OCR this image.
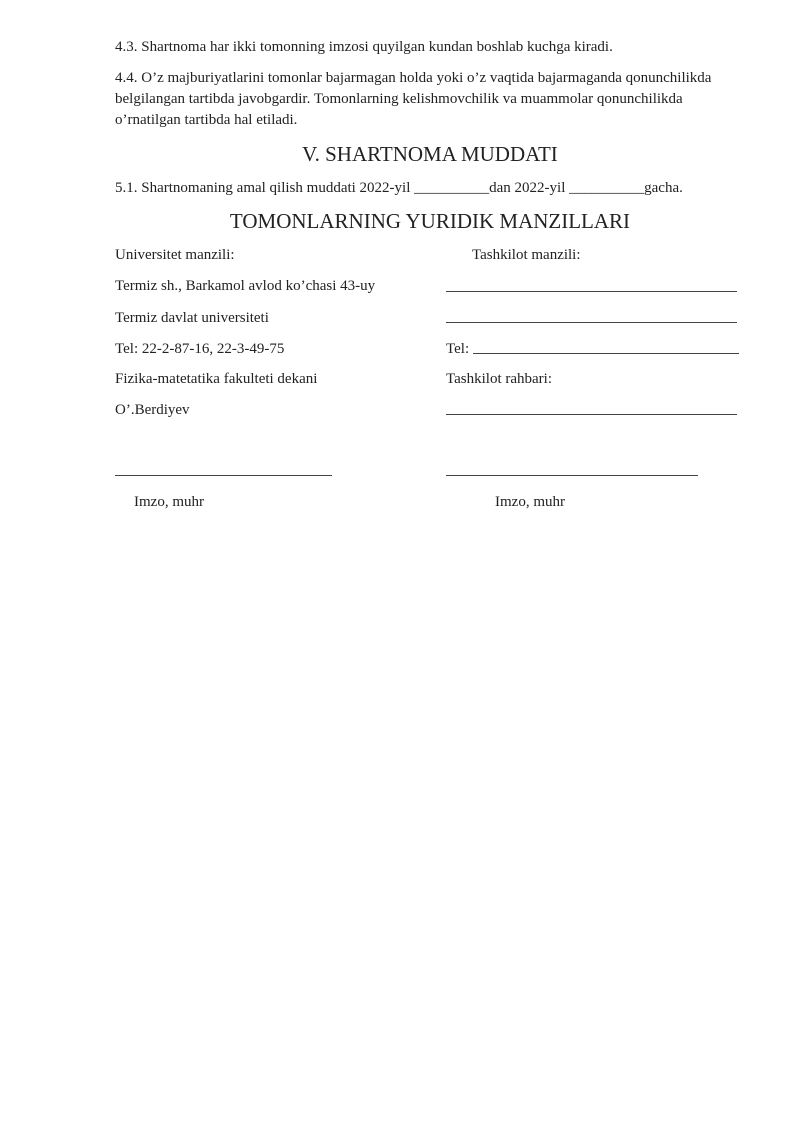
4.3. Shartnoma har ikki tomonning imzosi quyilgan kundan boshlab kuchga kiradi.
4.4. O’z majburiyatlarini tomonlar bajarmagan holda yoki o’z vaqtida bajarmaganda qonunchilikda belgilangan tartibda javobgardir. Tomonlarning kelishmovchilik va muammolar qonunchilikda o’rnatilgan tartibda hal etiladi.
V. SHARTNOMA MUDDATI
5.1. Shartnomaning amal qilish muddati 2022-yil __________dan 2022-yil __________gacha.
TOMONLARNING YURIDIK MANZILLARI
Universitet manzili:
Termiz sh., Barkamol avlod ko’chasi 43-uy
Termiz davlat universiteti
Tel: 22-2-87-16, 22-3-49-75
Fizika-matetatika fakulteti dekani
O’.Berdiyev
Imzo, muhr
Tashkilot manzili:
Tel:
Tashkilot rahbari:
Imzo, muhr
